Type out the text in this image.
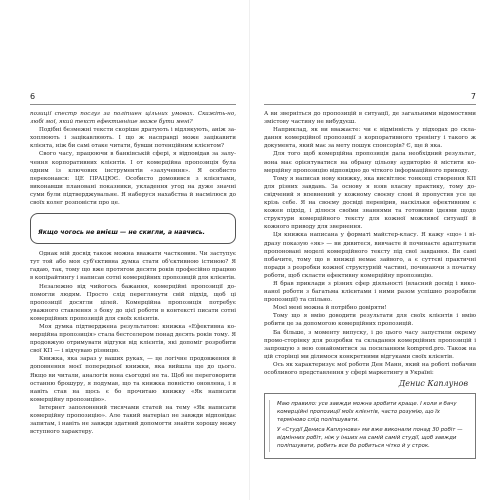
6

позиції спестр послуг за поліпшен цільних умовах. Скажіть-но, любі мої, який текст ефективніше може бути мені?

Подібні безмежні тексти скоріше дратують і відлякують, аніж захоплюють і зацікавлюють. І що ж насправді може зацікавити клієнта, ніж би самі отаке читати, бувши потенційним клієнтом?

Свого часу, працюючи в банківській сфері, я відповідав за залучення корпоративних клієнтів. І от комерційна пропозиція була одним із ключових інструментів «залучення». Я особисто переконався: ЦЕ ПРАЦЮЄ. Особисто домовився з клієнтами, виконавши плановані показники, укладення угод на дуже значні суми були підтверджувальне. Я наберуся нахабства й насмілюся до своїх колег розповісти про це.

Якщо чогось не вмієш — не скигли, а навчись.

Однак мій досвід також можна вважати частковим. Чи заступує тут той або моя суб'єктивна думка стати об'єктивною істиною? Я гадаю, так, тому що вже протягом десяти років професійно працюю в копірайтингу і написав сотні комерційних пропозицій для клієнтів.

Незалежно від чийогось бажання, комерційні пропозиції допомогли людям. Просто слід переглянути свій підхід, щоб ці пропозиції досягли цілей. Комерційна пропозиція потребує уважного ставлення з боку до цієї роботи в контексті писати сотні комерційних пропозицій для своїх клієнтів.

Моя думка підтверджена результатом: книжка «Ефективна комерційна пропозиція» стала бестселером понад десять років тому. Я продовжую отримувати відгуки від клієнтів, які допоміг розробити свої КП — і відчуваю різницю.

Книжка, яка зараз у ваших руках, — це логічне продовження й доповнення моєї попередньої книжки, яка вийшла ще до цього. Якщо ви читали, аналогія вона сьогодні не та. Щоб не переговорити останню брошуру, я подумав, що та книжка повністю оновлена, і я навіть став на щось є бо прочитаю книжку «Як написати комерційну пропозицію».

Інтернет заполонений тисячами статей на тему «Як написати комерційну пропозицію». Але такий матеріал не завжди відповідає запитам, і навіть не завжди здатний допомогти знайти хорошу межу вступного характеру.

7

А ви зверніться до пропозицій в ситуації, де загальними відомостями змістову частину не вибудуєш.

Наприклад, як ви вважаєте: чи є відмінність у підходах до складання комерційної пропозиції з корпоративного тренінгу і такого ж документа, який має за мету пошук спонсорів? Є, ще й яка.

Для того щоб комерційна пропозиція дала необхідний результат, вона має орієнтуватися на обрану цільову аудиторію й містити комерційну пропозицію відповідно до чіткого інформаційного приводу.

Тому я написав нову книжку, яка висвітлює тонкощі створення КП для різних завдань. За основу я взяв власну практику, тому досвідчений я впевнений у кожному своєму слові й пропустив усе це крізь себе. Я на своєму досвіді перевірив, наскільки ефективним є кожен підхід, і ділюся своїми знаннями та готовими ідеями щодо структури комерційного тексту для кожної можливої ситуації й кожного приводу для звернення.

Ця книжка написана у форматі майстер-класу. Я кажу «що» і відразу показую «як» — ви дивитеся, вивчаєте й починаєте адаптувати пропоновані моделі комерційного тексту під свої завдання. Ви самі побачите, тому що в книжці немає зайвого, а є суттєві практичні поради з розробки кожної структурній частині, починаючи з початку роботи, щоб скласти ефективну комерційну пропозицію.

Я брав приклади з різних сфер діяльності (власний досвід і виконаної роботи з багатьма клієнтами і ними разом успішно розробили пропозиції) та спільно.

Моєї мені можна й потрібно довіряти!

Тому що я вмію доводити результати для своїх клієнтів і вмію робити це за допомогою комерційних пропозицій.

Ба більше, з моменту випуску, і до цього часу запустили окрему промо-сторінку для розробки та складання комерційних пропозицій і запрошую з вею ознайомитися за посиланням kompred.pro. Також на цій сторінці ми ділимося конкретними відгуками своїх клієнтів.

Ось як характеризує мої роботи Ден Манн, який на роботі побачив особливого представлення у сфері маркетингу в Україні:

Денис Каплунов

Маю правило: усе завжди можна зробити краще. І коли я бачу комерційні пропозиції моїх клієнтів, часто розумію, що їх терміново слід поліпшувати.

У «Студії Дениса Каплунова» ми вже виконали понад 30 робіт — відмінних робіт, ніж у інших на самій самій студії, щоб завжди поліпшувати, робить все бо робиться чітко й у строк.
